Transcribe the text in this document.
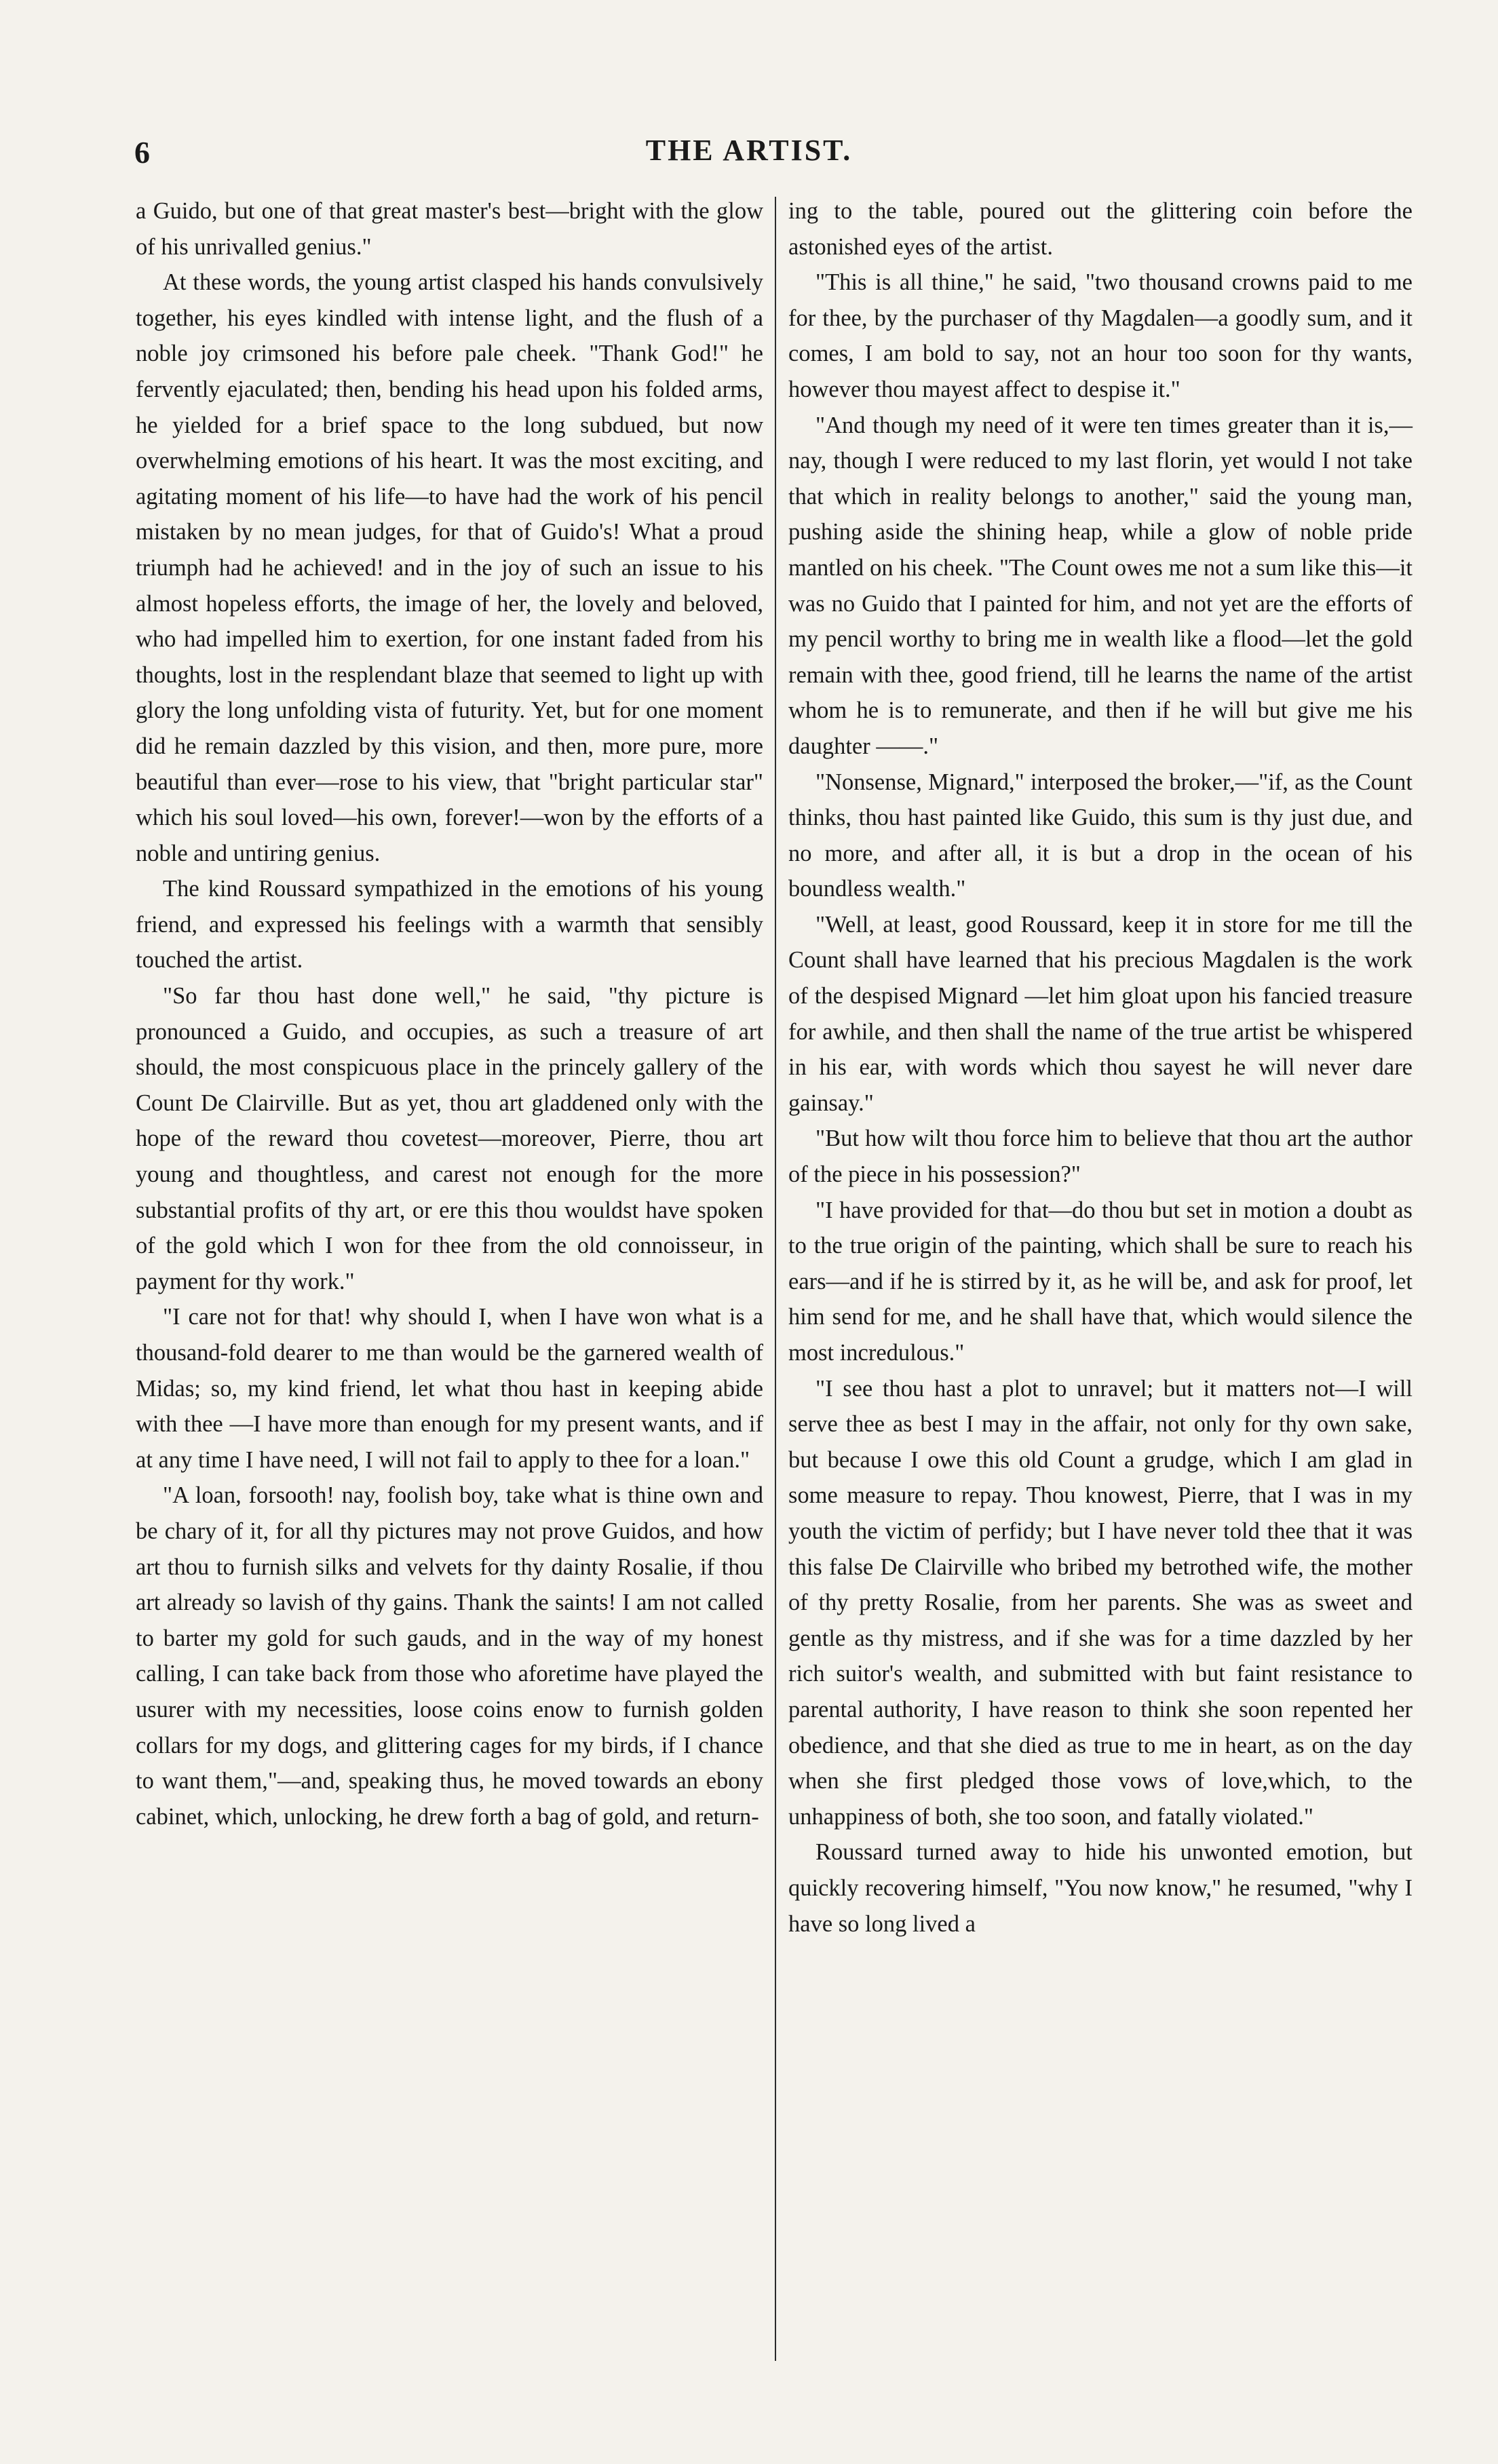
6	THE ARTIST.

a Guido, but one of that great master's best—bright with the glow of his unrivalled genius."

At these words, the young artist clasped his hands convulsively together, his eyes kindled with intense light, and the flush of a noble joy crimsoned his before pale cheek. "Thank God!" he fervently ejaculated; then, bending his head upon his folded arms, he yielded for a brief space to the long subdued, but now overwhelming emotions of his heart. It was the most exciting, and agitating moment of his life—to have had the work of his pencil mistaken by no mean judges, for that of Guido's! What a proud triumph had he achieved! and in the joy of such an issue to his almost hopeless efforts, the image of her, the lovely and beloved, who had impelled him to exertion, for one instant faded from his thoughts, lost in the resplendant blaze that seemed to light up with glory the long unfolding vista of futurity. Yet, but for one moment did he remain dazzled by this vision, and then, more pure, more beautiful than ever—rose to his view, that "bright particular star" which his soul loved—his own, forever!—won by the efforts of a noble and untiring genius.

The kind Roussard sympathized in the emotions of his young friend, and expressed his feelings with a warmth that sensibly touched the artist.

"So far thou hast done well," he said, "thy picture is pronounced a Guido, and occupies, as such a treasure of art should, the most conspicuous place in the princely gallery of the Count De Clairville. But as yet, thou art gladdened only with the hope of the reward thou covetest—moreover, Pierre, thou art young and thoughtless, and carest not enough for the more substantial profits of thy art, or ere this thou wouldst have spoken of the gold which I won for thee from the old connoisseur, in payment for thy work."

"I care not for that! why should I, when I have won what is a thousand-fold dearer to me than would be the garnered wealth of Midas; so, my kind friend, let what thou hast in keeping abide with thee —I have more than enough for my present wants, and if at any time I have need, I will not fail to apply to thee for a loan."

"A loan, forsooth! nay, foolish boy, take what is thine own and be chary of it, for all thy pictures may not prove Guidos, and how art thou to furnish silks and velvets for thy dainty Rosalie, if thou art already so lavish of thy gains. Thank the saints! I am not called to barter my gold for such gauds, and in the way of my honest calling, I can take back from those who aforetime have played the usurer with my necessities, loose coins enow to furnish golden collars for my dogs, and glittering cages for my birds, if I chance to want them,"—and, speaking thus, he moved towards an ebony cabinet, which, unlocking, he drew forth a bag of gold, and return-

ing to the table, poured out the glittering coin before the astonished eyes of the artist.

"This is all thine," he said, "two thousand crowns paid to me for thee, by the purchaser of thy Magdalen—a goodly sum, and it comes, I am bold to say, not an hour too soon for thy wants, however thou mayest affect to despise it."

"And though my need of it were ten times greater than it is,—nay, though I were reduced to my last florin, yet would I not take that which in reality belongs to another," said the young man, pushing aside the shining heap, while a glow of noble pride mantled on his cheek. "The Count owes me not a sum like this—it was no Guido that I painted for him, and not yet are the efforts of my pencil worthy to bring me in wealth like a flood—let the gold remain with thee, good friend, till he learns the name of the artist whom he is to remunerate, and then if he will but give me his daughter ——."

"Nonsense, Mignard," interposed the broker,—"if, as the Count thinks, thou hast painted like Guido, this sum is thy just due, and no more, and after all, it is but a drop in the ocean of his boundless wealth."

"Well, at least, good Roussard, keep it in store for me till the Count shall have learned that his precious Magdalen is the work of the despised Mignard —let him gloat upon his fancied treasure for awhile, and then shall the name of the true artist be whispered in his ear, with words which thou sayest he will never dare gainsay."

"But how wilt thou force him to believe that thou art the author of the piece in his possession?"

"I have provided for that—do thou but set in motion a doubt as to the true origin of the painting, which shall be sure to reach his ears—and if he is stirred by it, as he will be, and ask for proof, let him send for me, and he shall have that, which would silence the most incredulous."

"I see thou hast a plot to unravel; but it matters not—I will serve thee as best I may in the affair, not only for thy own sake, but because I owe this old Count a grudge, which I am glad in some measure to repay. Thou knowest, Pierre, that I was in my youth the victim of perfidy; but I have never told thee that it was this false De Clairville who bribed my betrothed wife, the mother of thy pretty Rosalie, from her parents. She was as sweet and gentle as thy mistress, and if she was for a time dazzled by her rich suitor's wealth, and submitted with but faint resistance to parental authority, I have reason to think she soon repented her obedience, and that she died as true to me in heart, as on the day when she first pledged those vows of love,which, to the unhappiness of both, she too soon, and fatally violated."

Roussard turned away to hide his unwonted emotion, but quickly recovering himself, "You now know," he resumed, "why I have so long lived a
